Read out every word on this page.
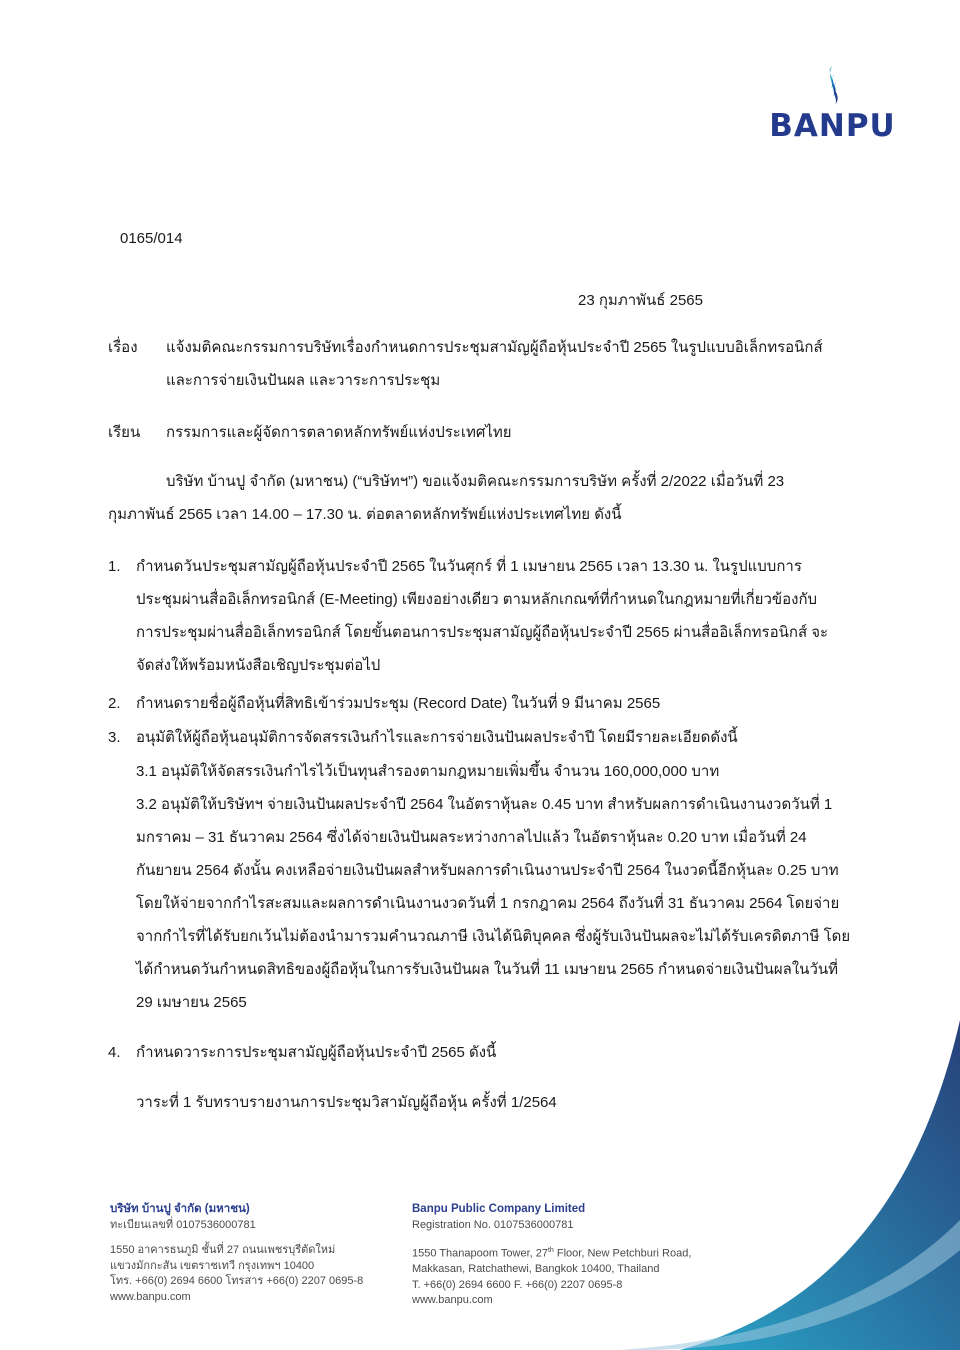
BANPU
0165/014
23 กุมภาพันธ์ 2565
เรื่อง แจ้งมติคณะกรรมการบริษัทเรื่องกำหนดการประชุมสามัญผู้ถือหุ้นประจำปี 2565 ในรูปแบบอิเล็กทรอนิกส์
และการจ่ายเงินปันผล และวาระการประชุม
เรียน กรรมการและผู้จัดการตลาดหลักทรัพย์แห่งประเทศไทย
บริษัท บ้านปู จำกัด (มหาชน) (“บริษัทฯ”) ขอแจ้งมติคณะกรรมการบริษัท ครั้งที่ 2/2022 เมื่อวันที่ 23
กุมภาพันธ์ 2565 เวลา 14.00 – 17.30 น. ต่อตลาดหลักทรัพย์แห่งประเทศไทย ดังนี้
1. กำหนดวันประชุมสามัญผู้ถือหุ้นประจำปี 2565 ในวันศุกร์ ที่ 1 เมษายน 2565 เวลา 13.30 น. ในรูปแบบการ
ประชุมผ่านสื่ออิเล็กทรอนิกส์ (E-Meeting) เพียงอย่างเดียว ตามหลักเกณฑ์ที่กำหนดในกฎหมายที่เกี่ยวข้องกับ
การประชุมผ่านสื่ออิเล็กทรอนิกส์ โดยขั้นตอนการประชุมสามัญผู้ถือหุ้นประจำปี 2565 ผ่านสื่ออิเล็กทรอนิกส์ จะ
จัดส่งให้พร้อมหนังสือเชิญประชุมต่อไป
2. กำหนดรายชื่อผู้ถือหุ้นที่สิทธิเข้าร่วมประชุม (Record Date) ในวันที่ 9 มีนาคม 2565
3. อนุมัติให้ผู้ถือหุ้นอนุมัติการจัดสรรเงินกำไรและการจ่ายเงินปันผลประจำปี โดยมีรายละเอียดดังนี้
3.1 อนุมัติให้จัดสรรเงินกำไรไว้เป็นทุนสำรองตามกฎหมายเพิ่มขึ้น จำนวน 160,000,000 บาท
3.2 อนุมัติให้บริษัทฯ จ่ายเงินปันผลประจำปี 2564 ในอัตราหุ้นละ 0.45 บาท สำหรับผลการดำเนินงานงวดวันที่ 1
มกราคม – 31 ธันวาคม 2564 ซึ่งได้จ่ายเงินปันผลระหว่างกาลไปแล้ว ในอัตราหุ้นละ 0.20 บาท เมื่อวันที่ 24
กันยายน 2564 ดังนั้น คงเหลือจ่ายเงินปันผลสำหรับผลการดำเนินงานประจำปี 2564 ในงวดนี้อีกหุ้นละ 0.25 บาท
โดยให้จ่ายจากกำไรสะสมและผลการดำเนินงานงวดวันที่ 1 กรกฎาคม 2564 ถึงวันที่ 31 ธันวาคม 2564 โดยจ่าย
จากกำไรที่ได้รับยกเว้นไม่ต้องนำมารวมคำนวณภาษี เงินได้นิติบุคคล ซึ่งผู้รับเงินปันผลจะไม่ได้รับเครดิตภาษี โดย
ได้กำหนดวันกำหนดสิทธิของผู้ถือหุ้นในการรับเงินปันผล ในวันที่ 11 เมษายน 2565 กำหนดจ่ายเงินปันผลในวันที่
29 เมษายน 2565
4. กำหนดวาระการประชุมสามัญผู้ถือหุ้นประจำปี 2565 ดังนี้
วาระที่ 1 รับทราบรายงานการประชุมวิสามัญผู้ถือหุ้น ครั้งที่ 1/2564
บริษัท บ้านปู จำกัด (มหาชน)
ทะเบียนเลขที่ 0107536000781
1550 อาคารธนภูมิ ชั้นที่ 27 ถนนเพชรบุรีตัดใหม่
แขวงมักกะสัน เขตราชเทวี กรุงเทพฯ 10400
โทร. +66(0) 2694 6600 โทรสาร +66(0) 2207 0695-8
www.banpu.com
Banpu Public Company Limited
Registration No. 0107536000781
1550 Thanapoom Tower, 27th Floor, New Petchburi Road,
Makkasan, Ratchathewi, Bangkok 10400, Thailand
T. +66(0) 2694 6600 F. +66(0) 2207 0695-8
www.banpu.com
